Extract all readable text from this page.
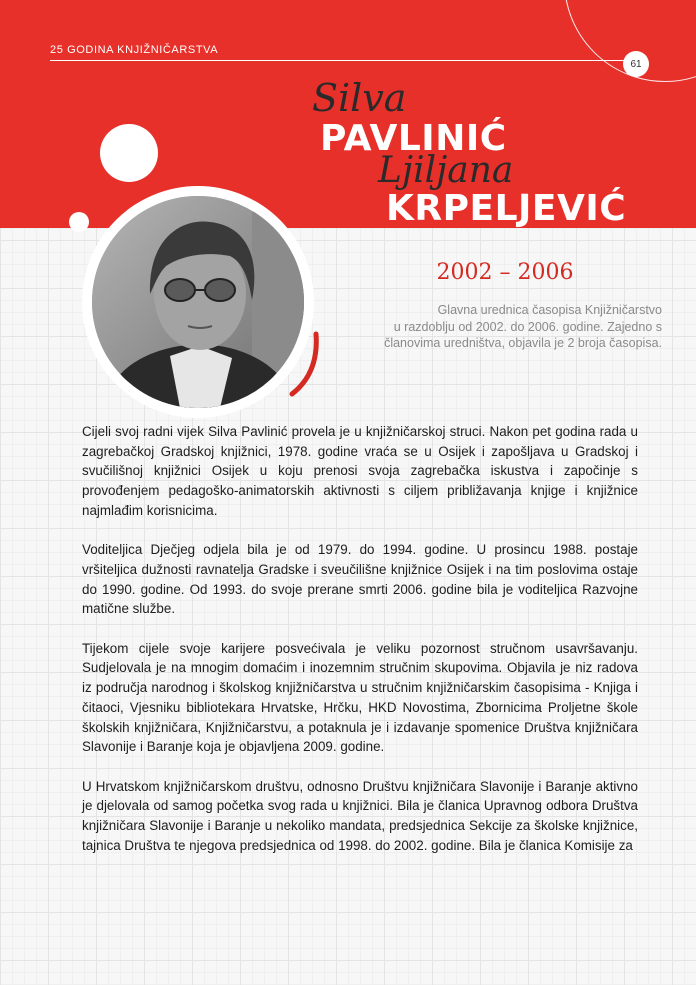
25 GODINA KNJIŽNIČARSTVA
61
Silva
PAVLINIĆ
Ljiljana
KRPELJEVIĆ
2002 – 2006
Glavna urednica časopisa Knjižničarstvo
u razdoblju od 2002. do 2006. godine. Zajedno s
članovima uredništva, objavila je 2 broja časopisa.

Cijeli svoj radni vijek Silva Pavlinić provela je u knjižničarskoj struci. Nakon pet godina rada u zagrebačkoj Gradskoj knjižnici, 1978. godine vraća se u Osijek i zapošljava u Gradskoj i svučilišnoj knjižnici Osijek u koju prenosi svoja zagrebačka iskustva i započinje s provođenjem pedagoško-animatorskih aktivnosti s ciljem približavanja knjige i knjižnice najmlađim korisnicima.

Voditeljica Dječjeg odjela bila je od 1979. do 1994. godine. U prosincu 1988. postaje vršiteljica dužnosti ravnatelja Gradske i sveučilišne knjižnice Osijek i na tim poslovima ostaje do 1990. godine. Od 1993. do svoje prerane smrti 2006. godine bila je voditeljica Razvojne matične službe.

Tijekom cijele svoje karijere posvećivala je veliku pozornost stručnom usavršavanju. Sudjelovala je na mnogim domaćim i inozemnim stručnim skupovima. Objavila je niz radova iz područja narodnog i školskog knjižničarstva u stručnim knjižničarskim časopisima - Knjiga i čitaoci, Vjesniku bibliotekara Hrvatske, Hrčku, HKD Novostima, Zbornicima Proljetne škole školskih knjižničara, Knjižničarstvu, a potaknula je i izdavanje spomenice Društva knjižničara Slavonije i Baranje koja je objavljena 2009. godine.

U Hrvatskom knjižničarskom društvu, odnosno Društvu knjižničara Slavonije i Baranje aktivno je djelovala od samog početka svog rada u knjižnici. Bila je članica Upravnog odbora Društva knjižničara Slavonije i Baranje u nekoliko mandata, predsjednica Sekcije za školske knjižnice, tajnica Društva te njegova predsjednica od 1998. do 2002. godine. Bila je članica Komisije za
